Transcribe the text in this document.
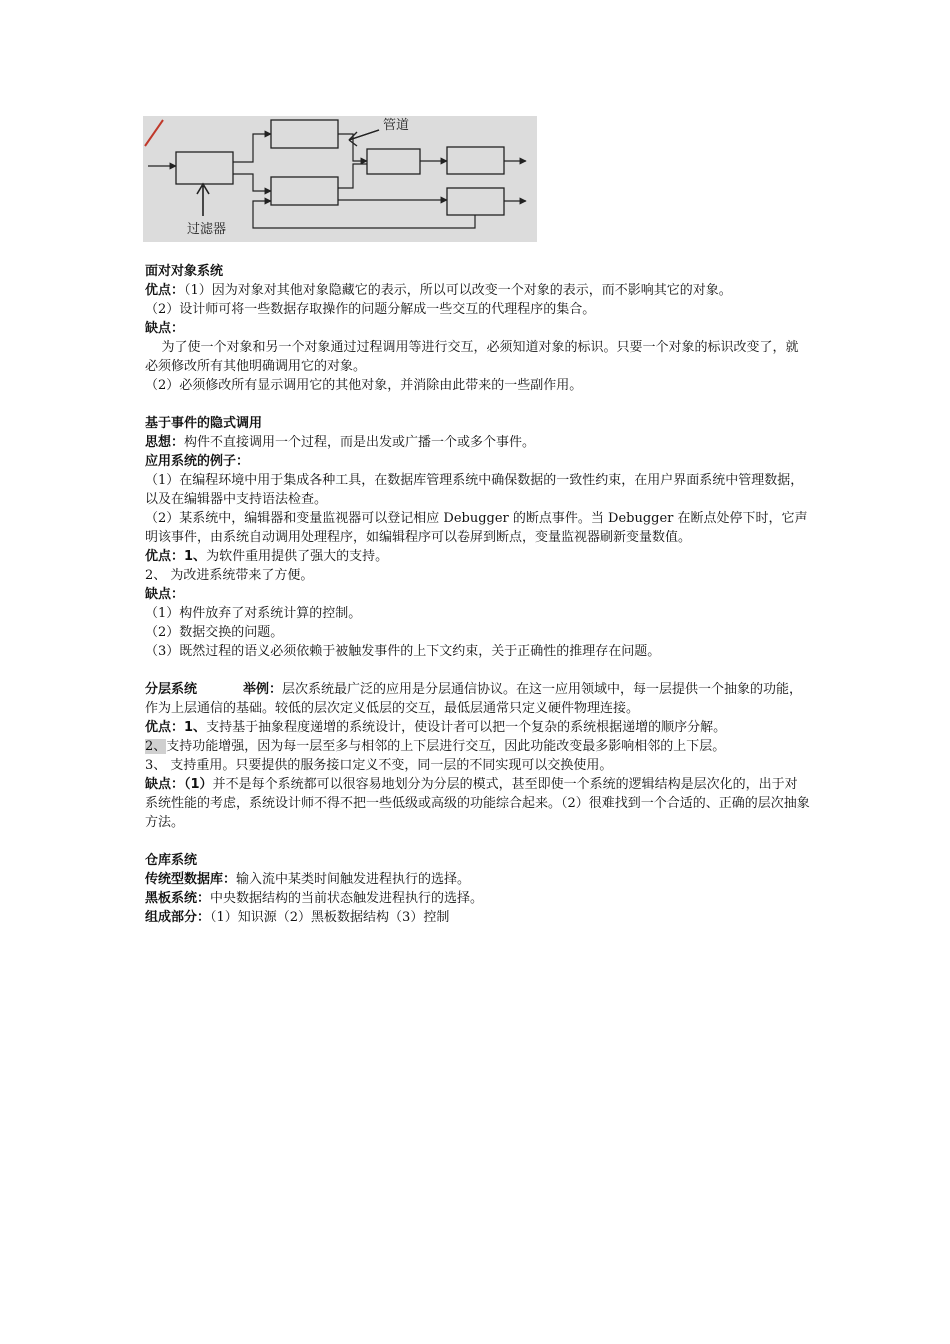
管道
过滤器

面对对象系统

优点：（1）因为对象对其他对象隐藏它的表示，所以可以改变一个对象的表示，而不影响其它的对象。

（2）设计师可将一些数据存取操作的问题分解成一些交互的代理程序的集合。

缺点：

为了使一个对象和另一个对象通过过程调用等进行交互，必须知道对象的标识。只要一个对象的标识改变了，就必须修改所有其他明确调用它的对象。

（2）必须修改所有显示调用它的其他对象，并消除由此带来的一些副作用。

基于事件的隐式调用

思想：构件不直接调用一个过程，而是出发或广播一个或多个事件。

应用系统的例子：

（1）在编程环境中用于集成各种工具，在数据库管理系统中确保数据的一致性约束，在用户界面系统中管理数据，以及在编辑器中支持语法检查。

（2）某系统中，编辑器和变量监视器可以登记相应 Debugger 的断点事件。当 Debugger 在断点处停下时，它声明该事件，由系统自动调用处理程序，如编辑程序可以卷屏到断点，变量监视器刷新变量数值。

优点：1、为软件重用提供了强大的支持。

2、 为改进系统带来了方便。

缺点：

（1）构件放弃了对系统计算的控制。

（2）数据交换的问题。

（3）既然过程的语义必须依赖于被触发事件的上下文约束，关于正确性的推理存在问题。

分层系统	举例：层次系统最广泛的应用是分层通信协议。在这一应用领域中，每一层提供一个抽象的功能，作为上层通信的基础。较低的层次定义低层的交互，最低层通常只定义硬件物理连接。

优点：1、支持基于抽象程度递增的系统设计，使设计者可以把一个复杂的系统根据递增的顺序分解。

2、支持功能增强，因为每一层至多与相邻的上下层进行交互，因此功能改变最多影响相邻的上下层。

3、 支持重用。只要提供的服务接口定义不变，同一层的不同实现可以交换使用。

缺点：（1）并不是每个系统都可以很容易地划分为分层的模式，甚至即使一个系统的逻辑结构是层次化的，出于对系统性能的考虑，系统设计师不得不把一些低级或高级的功能综合起来。（2）很难找到一个合适的、正确的层次抽象方法。

仓库系统

传统型数据库：输入流中某类时间触发进程执行的选择。

黑板系统：中央数据结构的当前状态触发进程执行的选择。

组成部分：（1）知识源（2）黑板数据结构（3）控制
